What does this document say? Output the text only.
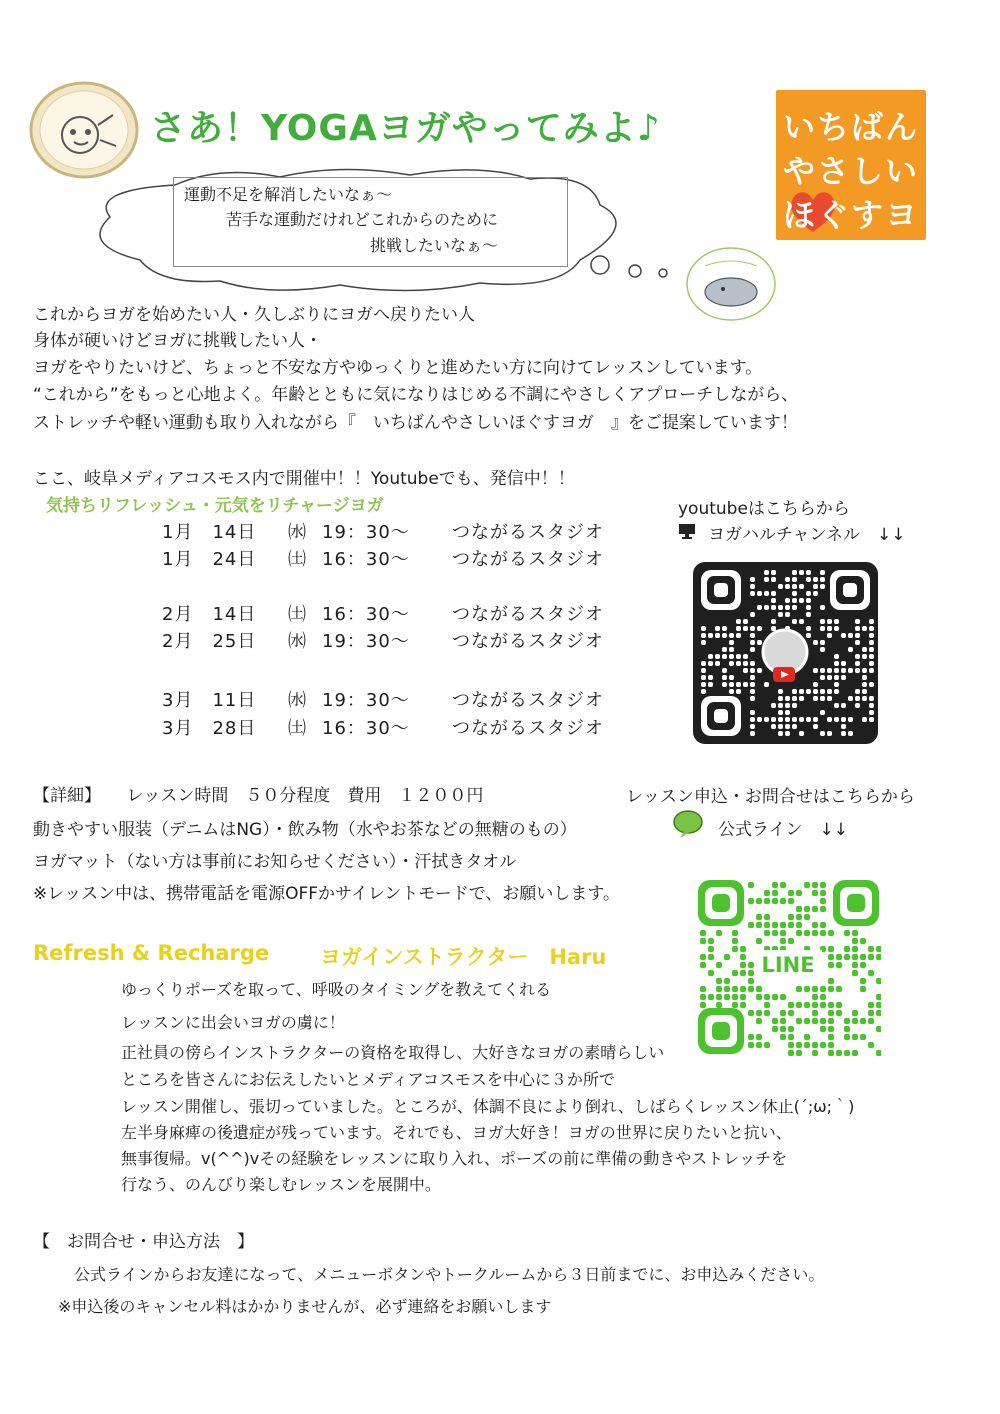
さあ！YOGAヨガやってみよ♪	いちばん
やさしい
ほぐすヨガ
運動不足を解消したいなぁ～
苦手な運動だけれどこれからのために
挑戦したいなぁ～
これからヨガを始めたい人・久しぶりにヨガへ戻りたい人
身体が硬いけどヨガに挑戦したい人・
ヨガをやりたいけど、ちょっと不安な方やゆっくりと進めたい方に向けてレッスンしています。
“これから”をもっと心地よく。年齢とともに気になりはじめる不調にやさしくアプローチしながら、
ストレッチや軽い運動も取り入れながら『　いちばんやさしいほぐすヨガ　』をご提案しています！
ここ、岐阜メディアコスモス内で開催中！！Youtubeでも、発信中！！
気持ちリフレッシュ・元気をリチャージヨガ
1月　14日 ㈬ 19：30～ つながるスタジオ
1月　24日 ㈯ 16：30～ つながるスタジオ
2月　14日 ㈯ 16：30～ つながるスタジオ
2月　25日 ㈬ 19：30～ つながるスタジオ
3月　11日 ㈬ 19：30～ つながるスタジオ
3月　28日 ㈯ 16：30～ つながるスタジオ
youtubeはこちらから
ヨガハルチャンネル　↓↓
【詳細】　　レッスン時間　５０分程度　費用　１２００円
動きやすい服装（デニムはNG）・飲み物（水やお茶などの無糖のもの）
ヨガマット（ない方は事前にお知らせください）・汗拭きタオル
※レッスン中は、携帯電話を電源OFFかサイレントモードで、お願いします。
レッスン申込・お問合せはこちらから
公式ライン　↓↓
LINE
Refresh & Recharge ヨガインストラクター　Haru
ゆっくりポーズを取って、呼吸のタイミングを教えてくれる
レッスンに出会いヨガの虜に！
正社員の傍らインストラクターの資格を取得し、大好きなヨガの素晴らしい
ところを皆さんにお伝えしたいとメディアコスモスを中心に３か所で
レッスン開催し、張切っていました。ところが、体調不良により倒れ、しばらくレッスン休止(´;ω;｀)
左半身麻痺の後遺症が残っています。それでも、ヨガ大好き！ヨガの世界に戻りたいと抗い、
無事復帰。v(^^)vその経験をレッスンに取り入れ、ポーズの前に準備の動きやストレッチを
行なう、のんびり楽しむレッスンを展開中。
【　お問合せ・申込方法　】
公式ラインからお友達になって、メニューボタンやトークルームから３日前までに、お申込みください。
※申込後のキャンセル料はかかりませんが、必ず連絡をお願いします
